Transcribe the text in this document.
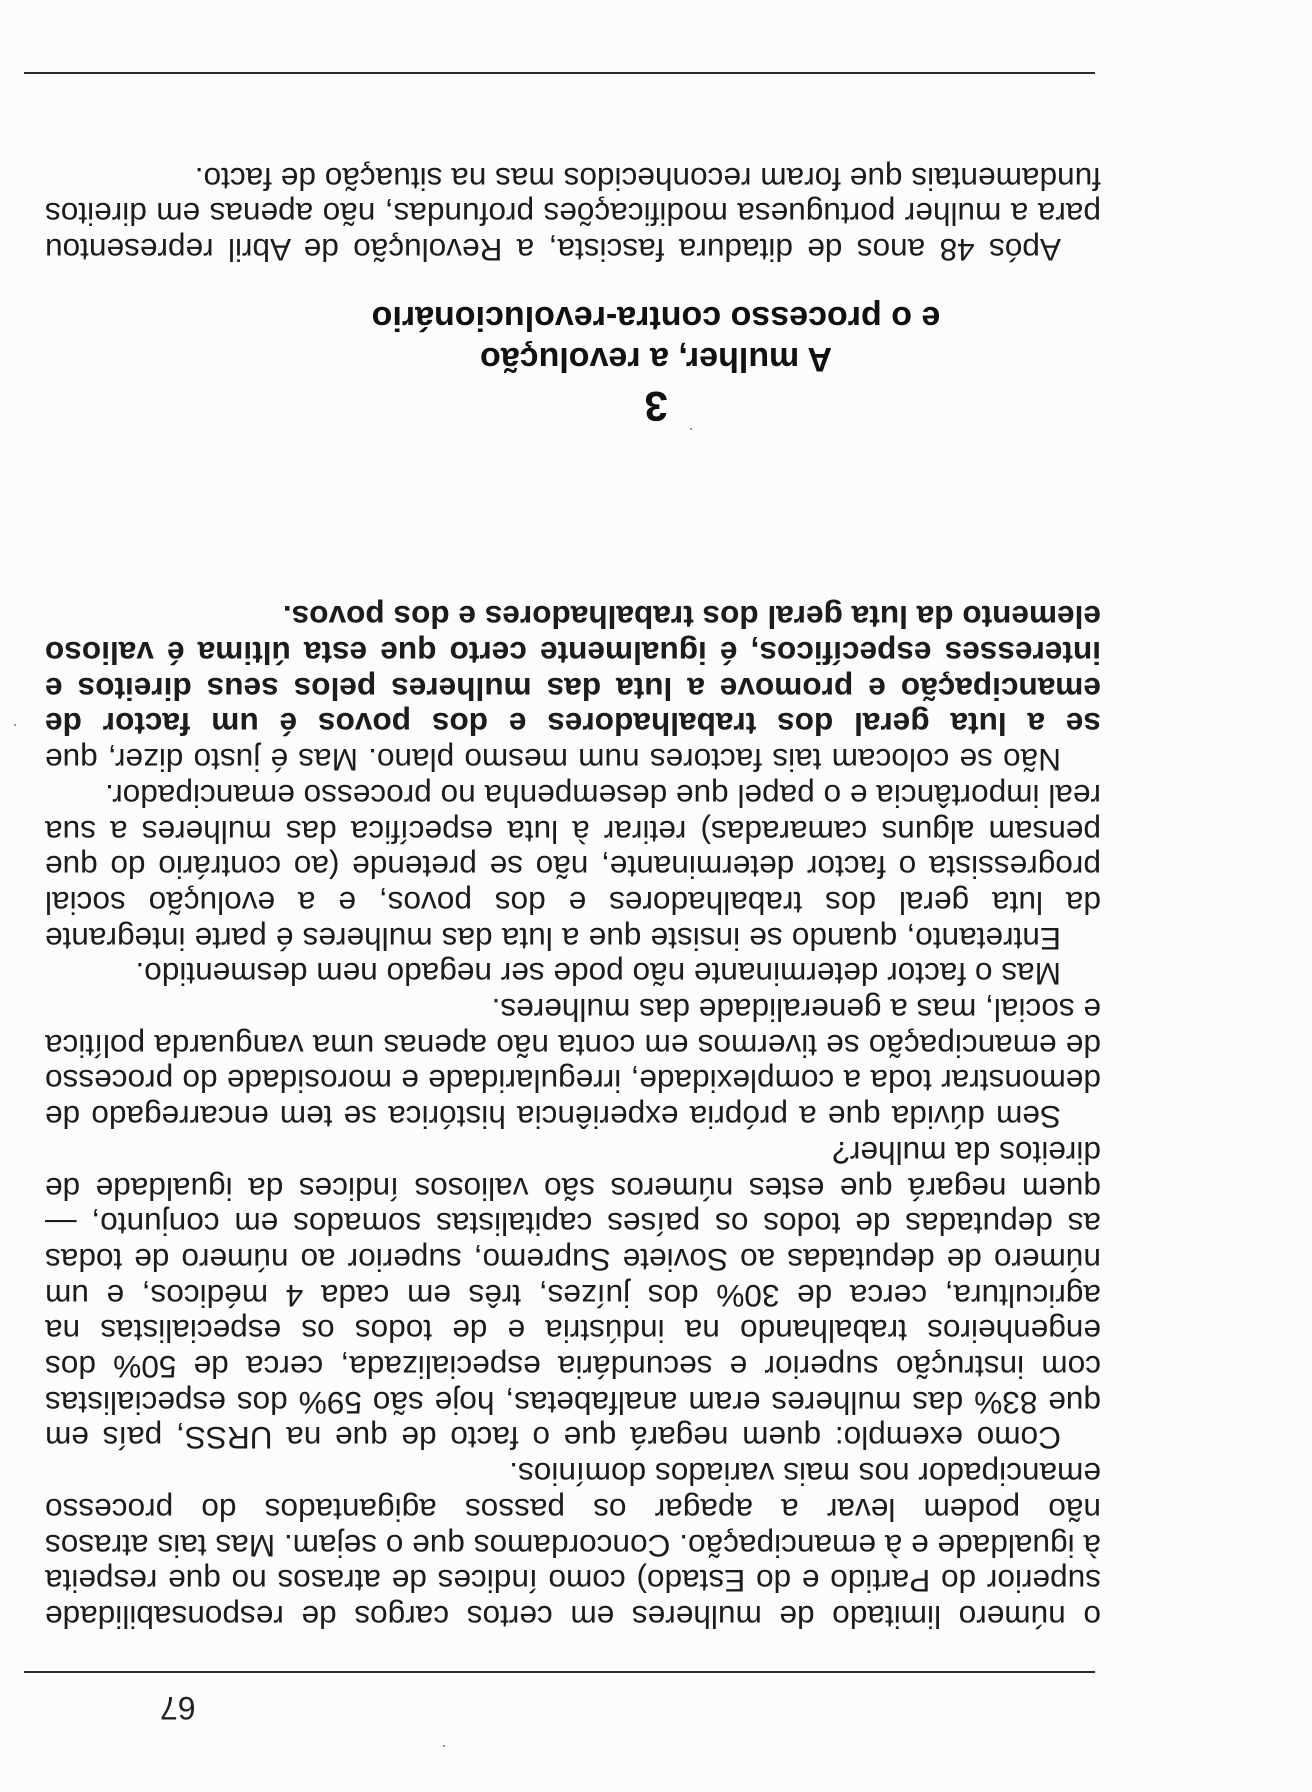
67

o número limitado de mulheres em certos cargos de responsabilidade superior do Partido e do Estado) como índices de atrasos no que respeita à igualdade e à emancipação. Concordamos que o sejam. Mas tais atrasos não podem levar a apagar os passos agigantados do processo emancipador nos mais variados domínios.

Como exemplo: quem negará que o facto de que na URSS, país em que 83% das mulheres eram analfabetas, hoje são 59% dos especialistas com instrução superior e secundária especializada, cerca de 50% dos engenheiros trabalhando na indústria e de todos os especialistas na agricultura, cerca de 30% dos juízes, três em cada 4 médicos, e um número de deputadas ao Soviete Supremo, superior ao número de todas as deputadas de todos os países capitalistas somados em conjunto, — quem negará que estes números são valiosos índices da igualdade de direitos da mulher?

Sem dúvida que a própria experiência histórica se tem encarregado de demonstrar toda a complexidade, irregularidade e morosidade do processo de emancipação se tivermos em conta não apenas uma vanguarda política e social, mas a generalidade das mulheres.

Mas o factor determinante não pode ser negado nem desmentido.

Entretanto, quando se insiste que a luta das mulheres é parte integrante da luta geral dos trabalhadores e dos povos, e a evolução social progressista o factor determinante, não se pretende (ao contrário do que pensam alguns camaradas) retirar à luta específica das mulheres a sua real importância e o papel que desempenha no processo emancipador.

Não se colocam tais factores num mesmo plano. Mas é justo dizer, que se a luta geral dos trabalhadores e dos povos é um factor de emancipação e promove a luta das mulheres pelos seus direitos e interesses específicos, é igualmente certo que esta última é valioso elemento da luta geral dos trabalhadores e dos povos.

3
A mulher, a revolução
e o processo contra-revolucionário

Após 48 anos de ditadura fascista, a Revolução de Abril representou para a mulher portuguesa modificações profundas, não apenas em direitos fundamentais que foram reconhecidos mas na situação de facto.
